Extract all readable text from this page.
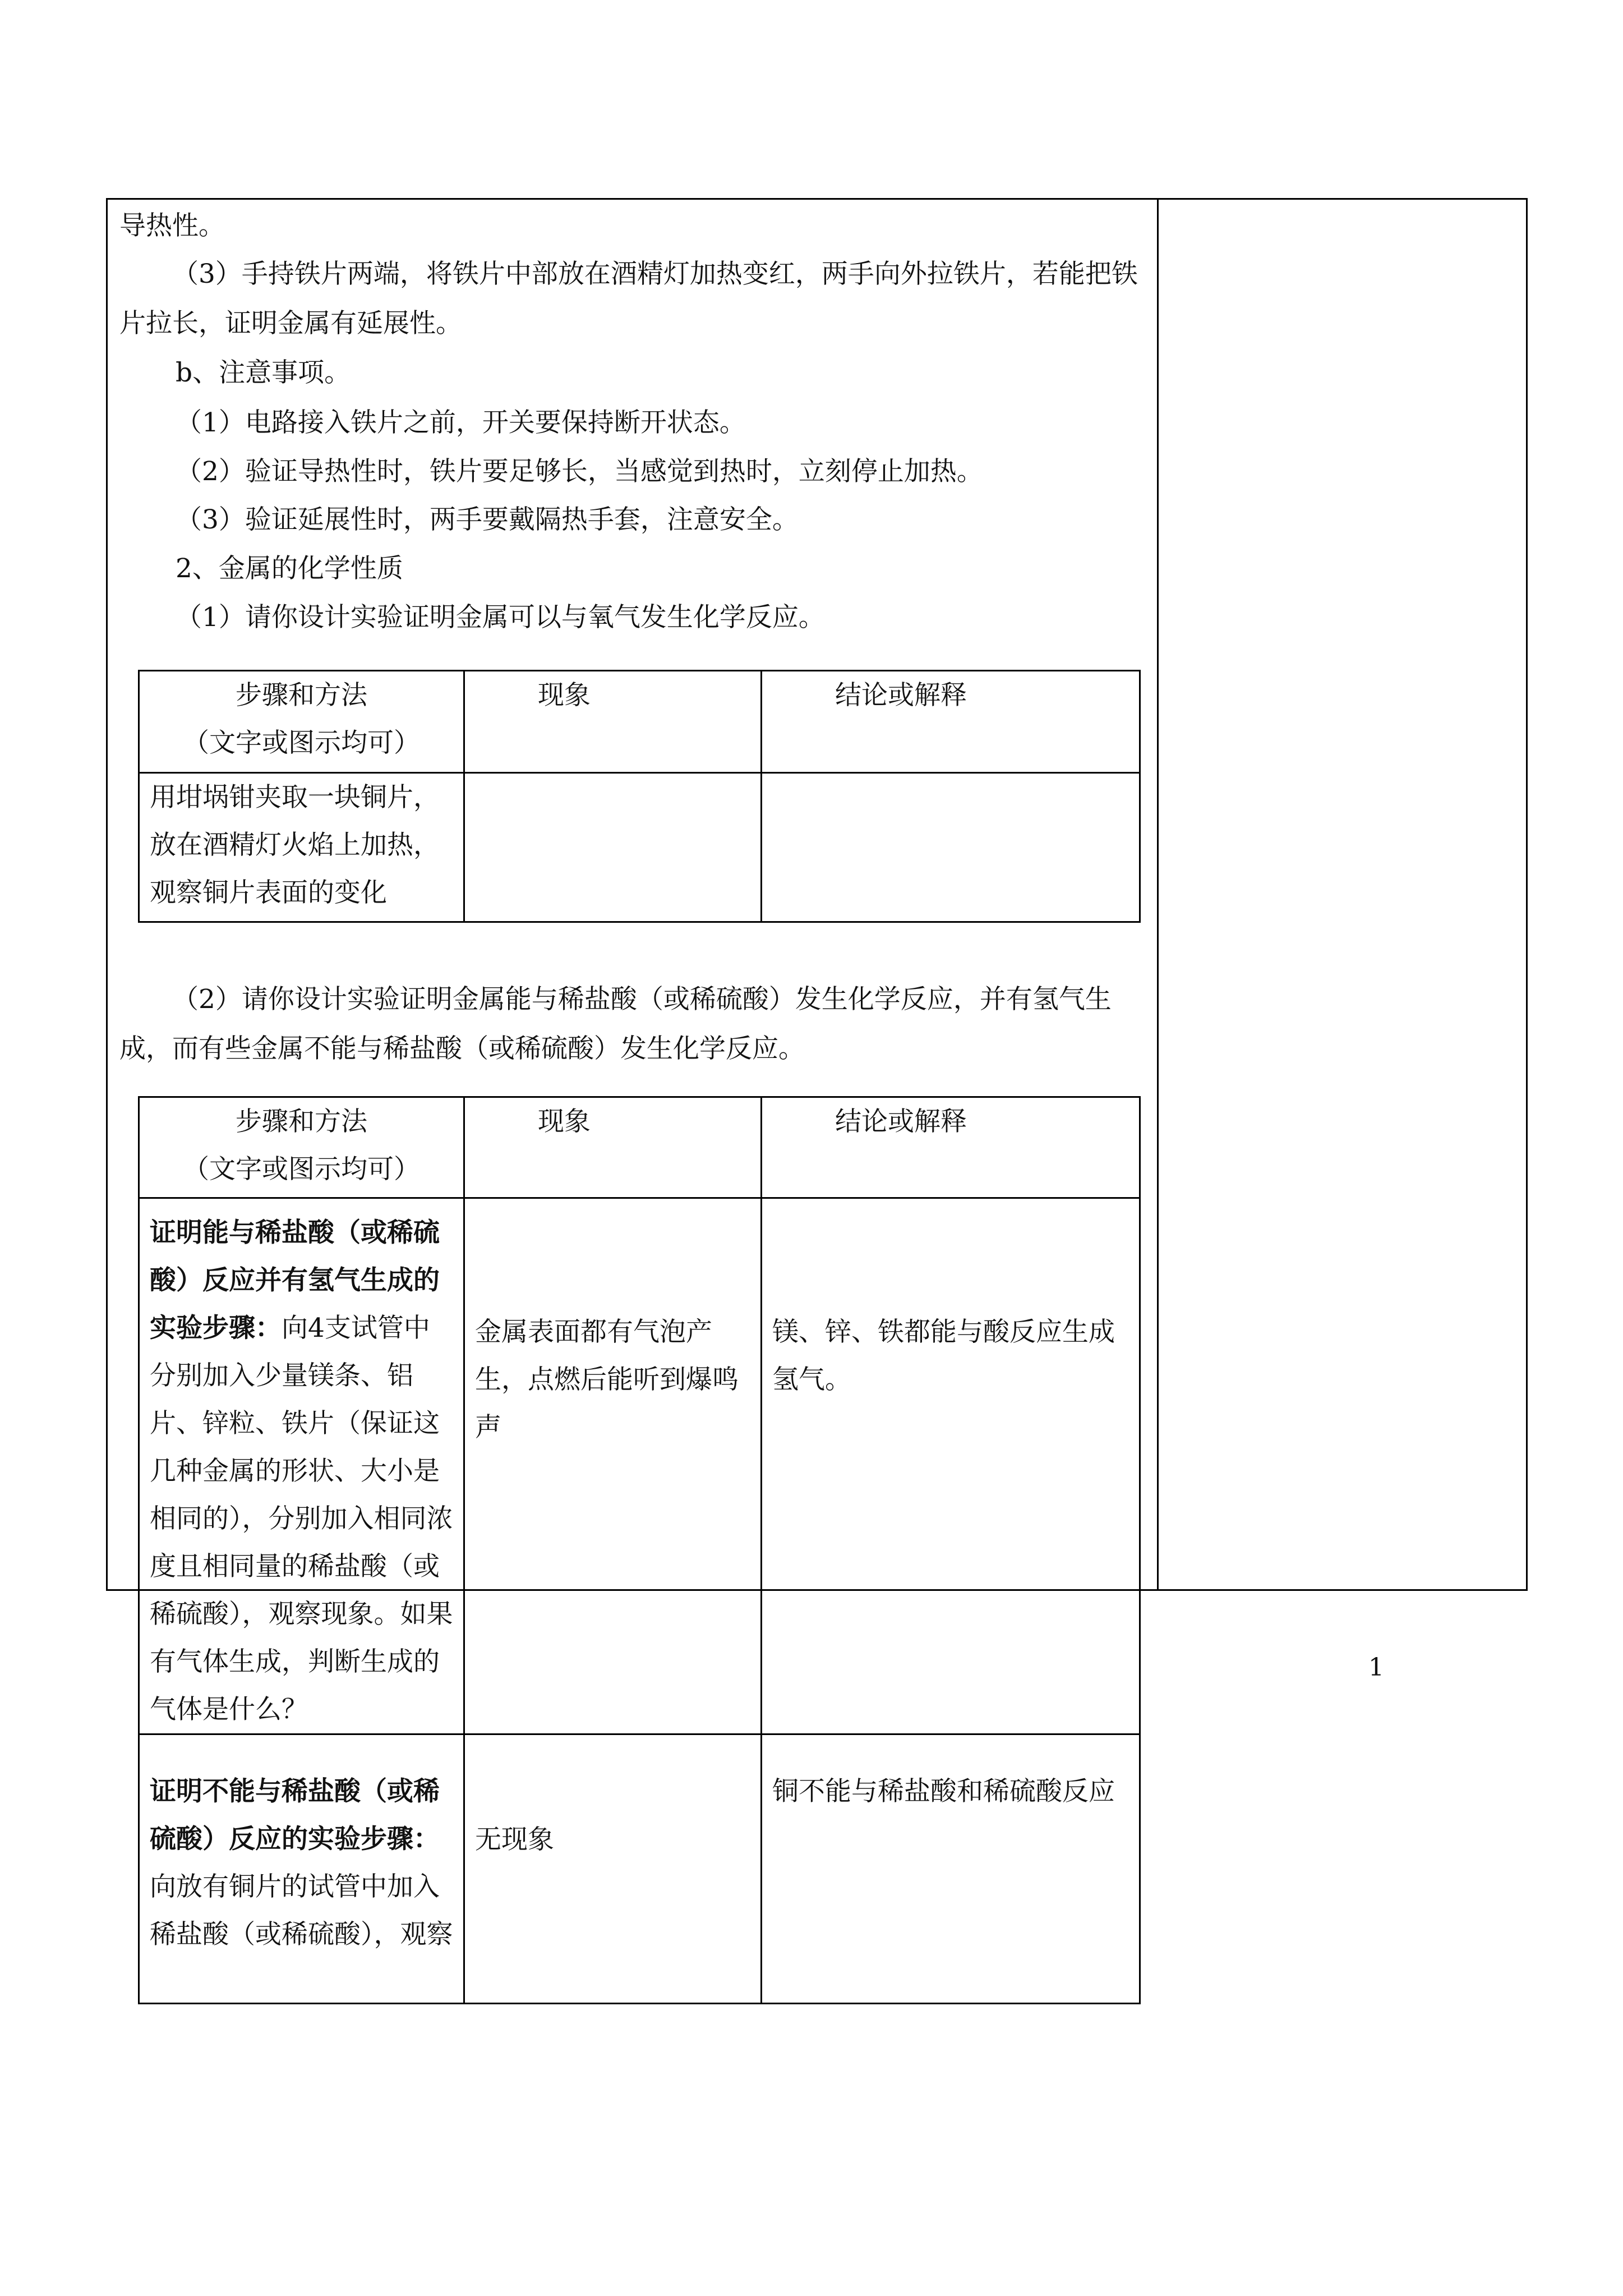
导热性。

（3）手持铁片两端，将铁片中部放在酒精灯加热变红，两手向外拉铁片，若能把铁片拉长，证明金属有延展性。

b、注意事项。

（1）电路接入铁片之前，开关要保持断开状态。

（2）验证导热性时，铁片要足够长，当感觉到热时，立刻停止加热。

（3）验证延展性时，两手要戴隔热手套，注意安全。

2、金属的化学性质

（1）请你设计实验证明金属可以与氧气发生化学反应。

步骤和方法
（文字或图示均可）	现象	结论或解释
用坩埚钳夹取一块铜片，放在酒精灯火焰上加热，观察铜片表面的变化		

（2）请你设计实验证明金属能与稀盐酸（或稀硫酸）发生化学反应，并有氢气生成，而有些金属不能与稀盐酸（或稀硫酸）发生化学反应。

步骤和方法
（文字或图示均可）	现象	结论或解释
证明能与稀盐酸（或稀硫酸）反应并有氢气生成的实验步骤：向4支试管中分别加入少量镁条、铝片、锌粒、铁片（保证这几种金属的形状、大小是相同的），分别加入相同浓度且相同量的稀盐酸（或稀硫酸），观察现象。如果有气体生成，判断生成的气体是什么？	金属表面都有气泡产生，点燃后能听到爆鸣声	镁、锌、铁都能与酸反应生成氢气。
证明不能与稀盐酸（或稀硫酸）反应的实验步骤：向放有铜片的试管中加入稀盐酸（或稀硫酸），观察	无现象	铜不能与稀盐酸和稀硫酸反应
1
